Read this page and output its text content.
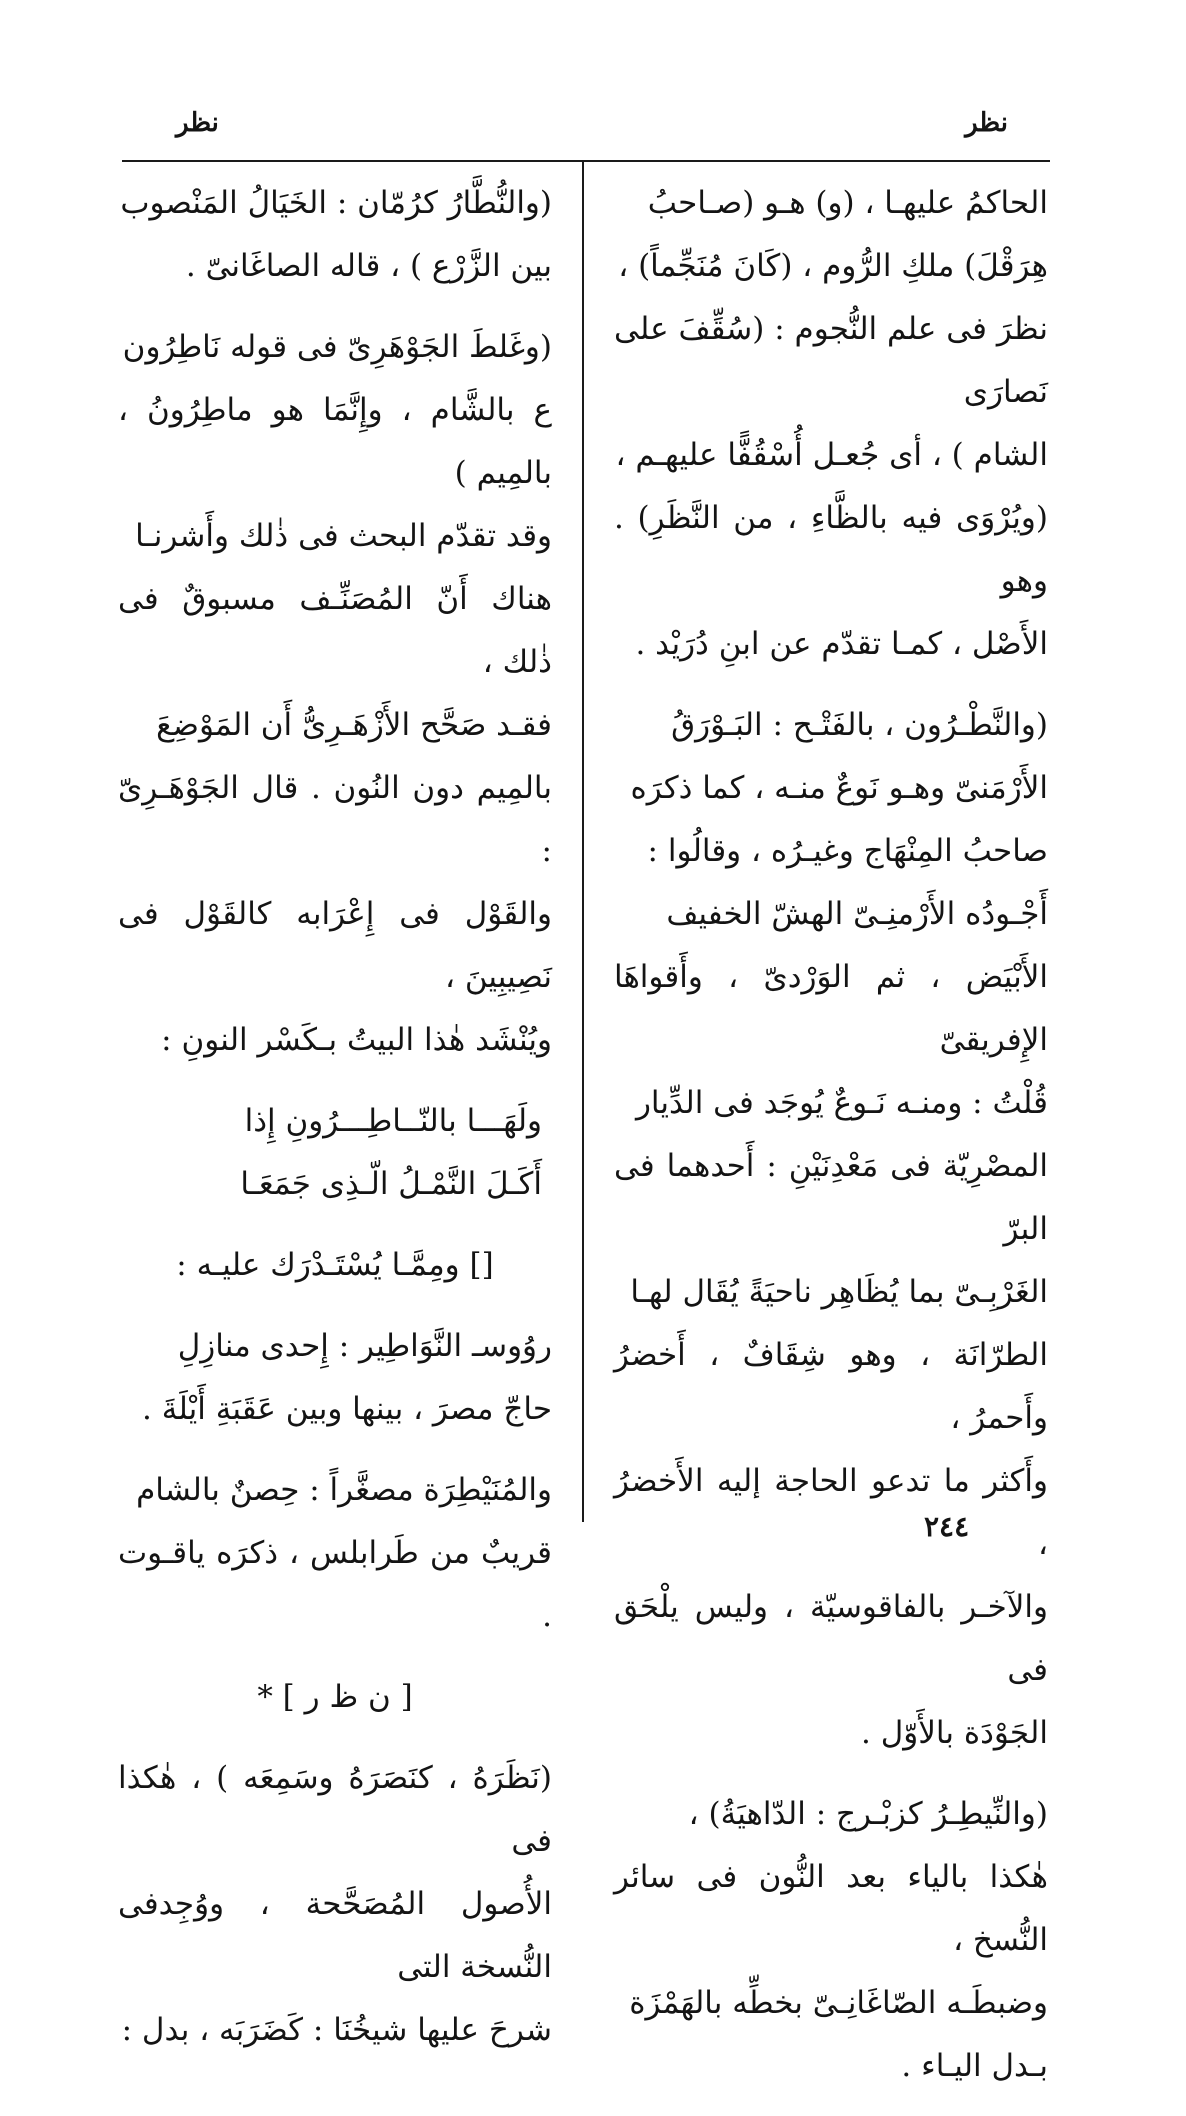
نظر
نظر

الحاكمُ عليهـا ، (و) هـو (صـاحبُ
هِرَقْلَ) ملكِ الرُّوم ، (كَانَ مُنَجِّماً) ،
نظرَ فى علم النُّجوم : (سُقِّفَ على نَصارَى
الشام ) ، أى جُعـل أُسْقُفًّا عليهـم ،
(ويُرْوَى فيه بالظَّاءِ ، من النَّظَرِ) . وهو
الأَصْل ، كمـا تقدّم عن ابنِ دُرَيْد .

(والنَّطْـرُون ، بالفَتْـح : البَـوْرَقُ
الأَرْمَنىّ وهـو نَوعٌ منـه ، كما ذكرَه
صاحبُ المِنْهَاج وغيـرُه ، وقالُوا :
أَجْـودُه الأَرْمنِـىّ الهشّ الخفيف
الأَبْيَض ، ثم الوَرْدىّ ، وأَقواهَا الإِفريقىّ
قُلْتُ : ومنـه نَـوعٌ يُوجَد فى الدِّيار
المصْرِيّة فى مَعْدِنَيْنِ : أَحدهما فى البرّ
الغَرْبِـىّ بما يُظَاهِر ناحيَةً يُقَال لهـا
الطرّانَة ، وهو شِقَافٌ ، أَخضرُ وأَحمرُ ،
وأَكثر ما تدعو الحاجة إليه الأَخضرُ ،
والآخـر بالفاقوسيّة ، وليس يلْحَق فى
الجَوْدَة بالأَوّل .

(والنِّيطِـرُ كزبْـرج : الدّاهيَةُ) ،
هٰكذا بالياء بعد النُّون فى سائر النُّسخ ،
وضبطَـه الصّاغَانِـىّ بخطِّه بالهَمْزَة
بـدل اليـاء .

(والنُّطَّارُ كرُمّان : الخَيَالُ المَنْصوب
بين الزَّرْع ) ، قاله الصاغَانىّ .

(وغَلطَ الجَوْهَرِىّ فى قوله نَاطِرُون
ع بالشَّام ، وإِنَّمَا هو ماطِرُونُ ، بالمِيم )
وقد تقدّم البحث فى ذٰلك وأَشرنـا
هناك أَنّ المُصَنِّـف مسبوقٌ فى ذٰلك ،
فقـد صَحَّح الأَزْهَـرِىُّ أَن المَوْضِعَ
بالمِيم دون النُون . قال الجَوْهَـرِىّ :
والقَوْل فى إِعْرَابه كالقَوْل فى نَصِيبِينَ ،
ويُنْشَد هٰذا البيتُ بـكَسْر النونِ :

ولَهَـــا بالنّــاطِـــرُونِ إِذا
أَكَـلَ النَّمْـلُ الّـذِى جَمَعَـا

[] ومِمَّـا يُسْتَـدْرَك عليـه :

روُوسـ النَّوَاطِير : إِحدى منازِلِ
حاجّ مصرَ ، بينها وبين عَقَبَةِ أَيْلَةَ .

والمُنَيْطِرَة مصغَّراً : حِصنٌ بالشام
قريبٌ من طَرابلس ، ذكرَه ياقـوت .

[ ن ظ ر ] *

(نَظَرَهُ ، كنَصَرَهُ وسَمِعَه ) ، هٰكذا فى
الأُصول المُصَحَّحة ، ووُجِدفى النُّسخة التى
شرحَ عليها شيخُنَا : كَضَرَبَه ، بدل :

٢٤٤
